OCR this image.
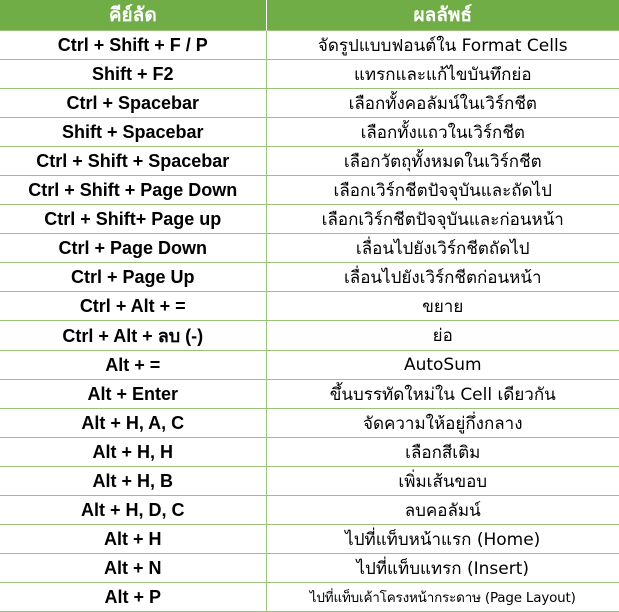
คีย์ลัด	ผลลัพธ์
Ctrl + Shift + F / P	จัดรูปแบบฟอนต์ใน Format Cells
Shift + F2	แทรกและแก้ไขบันทึกย่อ
Ctrl + Spacebar	เลือกทั้งคอลัมน์ในเวิร์กชีต
Shift + Spacebar	เลือกทั้งแถวในเวิร์กชีต
Ctrl + Shift + Spacebar	เลือกวัตถุทั้งหมดในเวิร์กชีต
Ctrl + Shift + Page Down	เลือกเวิร์กชีตปัจจุบันและถัดไป
Ctrl + Shift+ Page up	เลือกเวิร์กชีตปัจจุบันและก่อนหน้า
Ctrl + Page Down	เลื่อนไปยังเวิร์กชีตถัดไป
Ctrl + Page Up	เลื่อนไปยังเวิร์กชีตก่อนหน้า
Ctrl + Alt + =	ขยาย
Ctrl + Alt + ลบ (-)	ย่อ
Alt + =	AutoSum
Alt + Enter	ขึ้นบรรทัดใหม่ใน Cell เดียวกัน
Alt + H, A, C	จัดความให้อยู่กึ่งกลาง
Alt + H, H	เลือกสีเติม
Alt + H, B	เพิ่มเส้นขอบ
Alt + H, D, C	ลบคอลัมน์
Alt + H	ไปที่แท็บหน้าแรก (Home)
Alt + N	ไปที่แท็บแทรก (Insert)
Alt + P	ไปที่แท็บเค้าโครงหน้ากระดาษ (Page Layout)
